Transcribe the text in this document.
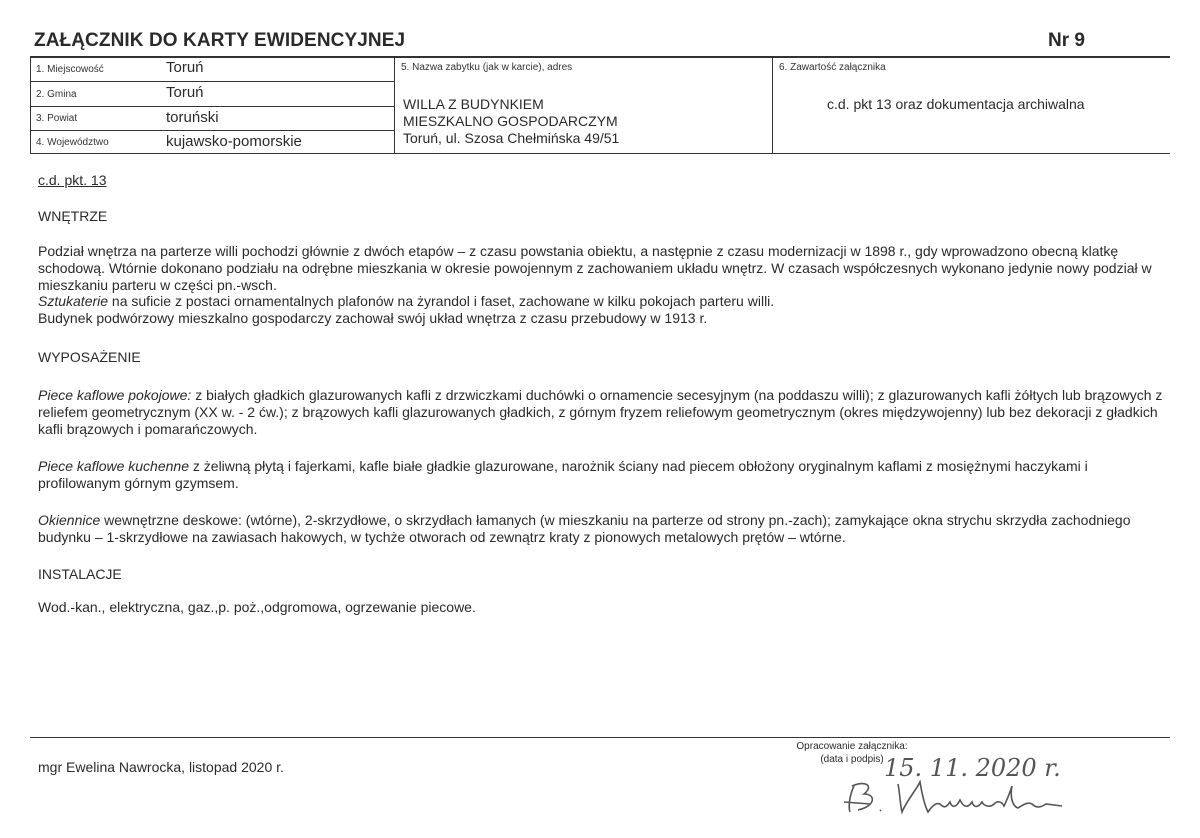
ZAŁĄCZNIK DO KARTY EWIDENCYJNEJ	Nr 9
1. Miejscowość	Toruń
2. Gmina	Toruń
3. Powiat	toruński
4. Województwo	kujawsko-pomorskie
5. Nazwa zabytku (jak w karcie), adres
WILLA Z BUDYNKIEM
MIESZKALNO GOSPODARCZYM
Toruń, ul. Szosa Chełmińska 49/51
6. Zawartość załącznika
c.d. pkt 13 oraz dokumentacja archiwalna
c.d. pkt. 13
WNĘTRZE

Podział wnętrza na parterze willi pochodzi głównie z dwóch etapów – z czasu powstania obiektu, a następnie z czasu modernizacji w 1898 r., gdy wprowadzono obecną klatkę schodową. Wtórnie dokonano podziału na odrębne mieszkania w okresie powojennym z zachowaniem układu wnętrz. W czasach współczesnych wykonano jedynie nowy podział w mieszkaniu parteru w części pn.-wsch.

Sztukaterie na suficie z postaci ornamentalnych plafonów na żyrandol i faset, zachowane w kilku pokojach parteru willi.

Budynek podwórzowy mieszkalno gospodarczy zachował swój układ wnętrza z czasu przebudowy w 1913 r.

WYPOSAŻENIE

Piece kaflowe pokojowe: z białych gładkich glazurowanych kafli z drzwiczkami duchówki o ornamencie secesyjnym (na poddaszu willi); z glazurowanych kafli żółtych lub brązowych z reliefem geometrycznym (XX w. - 2 ćw.); z brązowych kafli glazurowanych gładkich, z górnym fryzem reliefowym geometrycznym (okres międzywojenny) lub bez dekoracji z gładkich kafli brązowych i pomarańczowych.

Piece kaflowe kuchenne z żeliwną płytą i fajerkami, kafle białe gładkie glazurowane, narożnik ściany nad piecem obłożony oryginalnym kaflami z mosiężnymi haczykami i profilowanym górnym gzymsem.

Okiennice wewnętrzne deskowe: (wtórne), 2-skrzydłowe, o skrzydłach łamanych (w mieszkaniu na parterze od strony pn.-zach); zamykające okna strychu skrzydła zachodniego budynku – 1-skrzydłowe na zawiasach hakowych, w tychże otworach od zewnątrz kraty z pionowych metalowych prętów – wtórne.

INSTALACJE
Wod.-kan., elektryczna, gaz.,p. poż.,odgromowa, ogrzewanie piecowe.
mgr Ewelina Nawrocka, listopad 2020 r.
Opracowanie załącznika:
(data i podpis) 15. 11. 2020 r.
